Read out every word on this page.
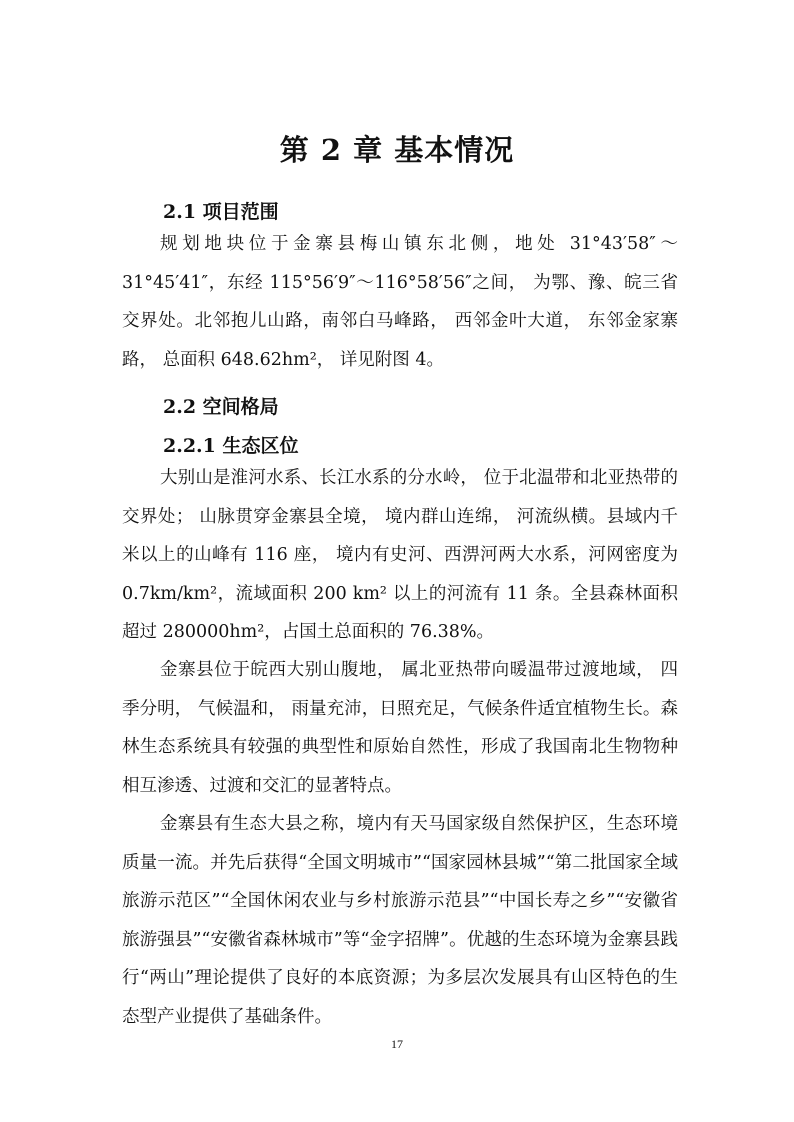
第 2 章 基本情况
2.1 项目范围

规划地块位于金寨县梅山镇东北侧，地处 31°43′58″～31°45′41″，东经 115°56′9″～116°58′56″之间， 为鄂、豫、皖三省交界处。北邻抱儿山路，南邻白马峰路， 西邻金叶大道， 东邻金家寨路， 总面积 648.62hm²， 详见附图 4。

2.2 空间格局
2.2.1 生态区位

大别山是淮河水系、长江水系的分水岭， 位于北温带和北亚热带的交界处； 山脉贯穿金寨县全境， 境内群山连绵， 河流纵横。县域内千米以上的山峰有 116 座， 境内有史河、西淠河两大水系，河网密度为 0.7km/km²，流域面积 200 km² 以上的河流有 11 条。全县森林面积超过 280000hm²，占国土总面积的 76.38%。

金寨县位于皖西大别山腹地， 属北亚热带向暖温带过渡地域， 四季分明， 气候温和， 雨量充沛，日照充足，气候条件适宜植物生长。森林生态系统具有较强的典型性和原始自然性，形成了我国南北生物物种相互渗透、过渡和交汇的显著特点。

金寨县有生态大县之称，境内有天马国家级自然保护区，生态环境质量一流。并先后获得“全国文明城市”“国家园林县城”“第二批国家全域旅游示范区”“全国休闲农业与乡村旅游示范县”“中国长寿之乡”“安徽省旅游强县”“安徽省森林城市”等“金字招牌”。优越的生态环境为金寨县践行“两山”理论提供了良好的本底资源；为多层次发展具有山区特色的生态型产业提供了基础条件。

17
